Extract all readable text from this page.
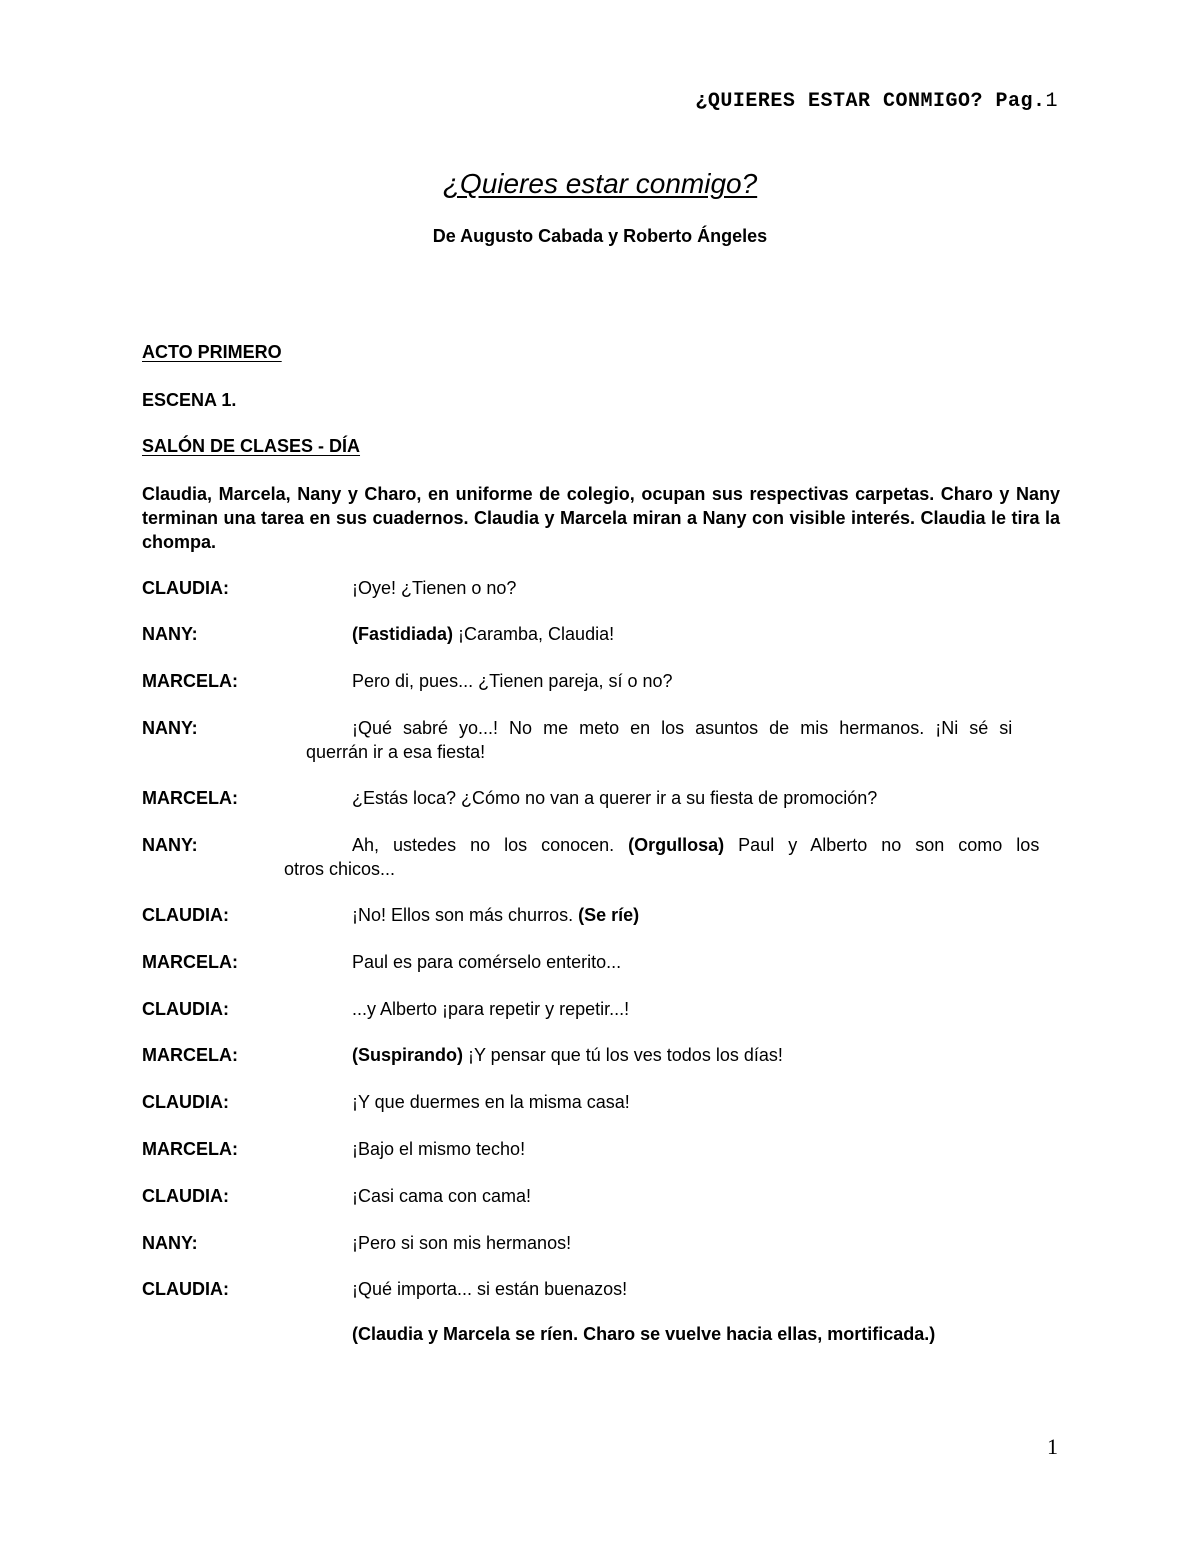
¿QUIERES ESTAR CONMIGO? Pag.1
¿Quieres estar conmigo?
De Augusto Cabada y Roberto Ángeles
ACTO PRIMERO
ESCENA 1.
SALÓN DE CLASES - DÍA
Claudia, Marcela, Nany y Charo, en uniforme de colegio, ocupan sus respectivas carpetas. Charo y Nany terminan una tarea en sus cuadernos. Claudia y Marcela miran a Nany con visible interés. Claudia le tira la chompa.
CLAUDIA:	¡Oye! ¿Tienen o no?
NANY:	(Fastidiada) ¡Caramba, Claudia!
MARCELA:	Pero di, pues... ¿Tienen pareja, sí o no?
NANY:	¡Qué sabré yo...! No me meto en los asuntos de mis hermanos. ¡Ni sé si
querrán ir a esa fiesta!
MARCELA:	¿Estás loca? ¿Cómo no van a querer ir a su fiesta de promoción?
NANY:	Ah, ustedes no los conocen. (Orgullosa) Paul y Alberto no son como los
otros chicos...
CLAUDIA:	¡No! Ellos son más churros. (Se ríe)
MARCELA:	Paul es para comérselo enterito...
CLAUDIA:	...y Alberto ¡para repetir y repetir...!
MARCELA:	(Suspirando) ¡Y pensar que tú los ves todos los días!
CLAUDIA:	¡Y que duermes en la misma casa!
MARCELA:	¡Bajo el mismo techo!
CLAUDIA:	¡Casi cama con cama!
NANY:	¡Pero si son mis hermanos!
CLAUDIA:	¡Qué importa... si están buenazos!
(Claudia y Marcela se ríen. Charo se vuelve hacia ellas, mortificada.)
1
